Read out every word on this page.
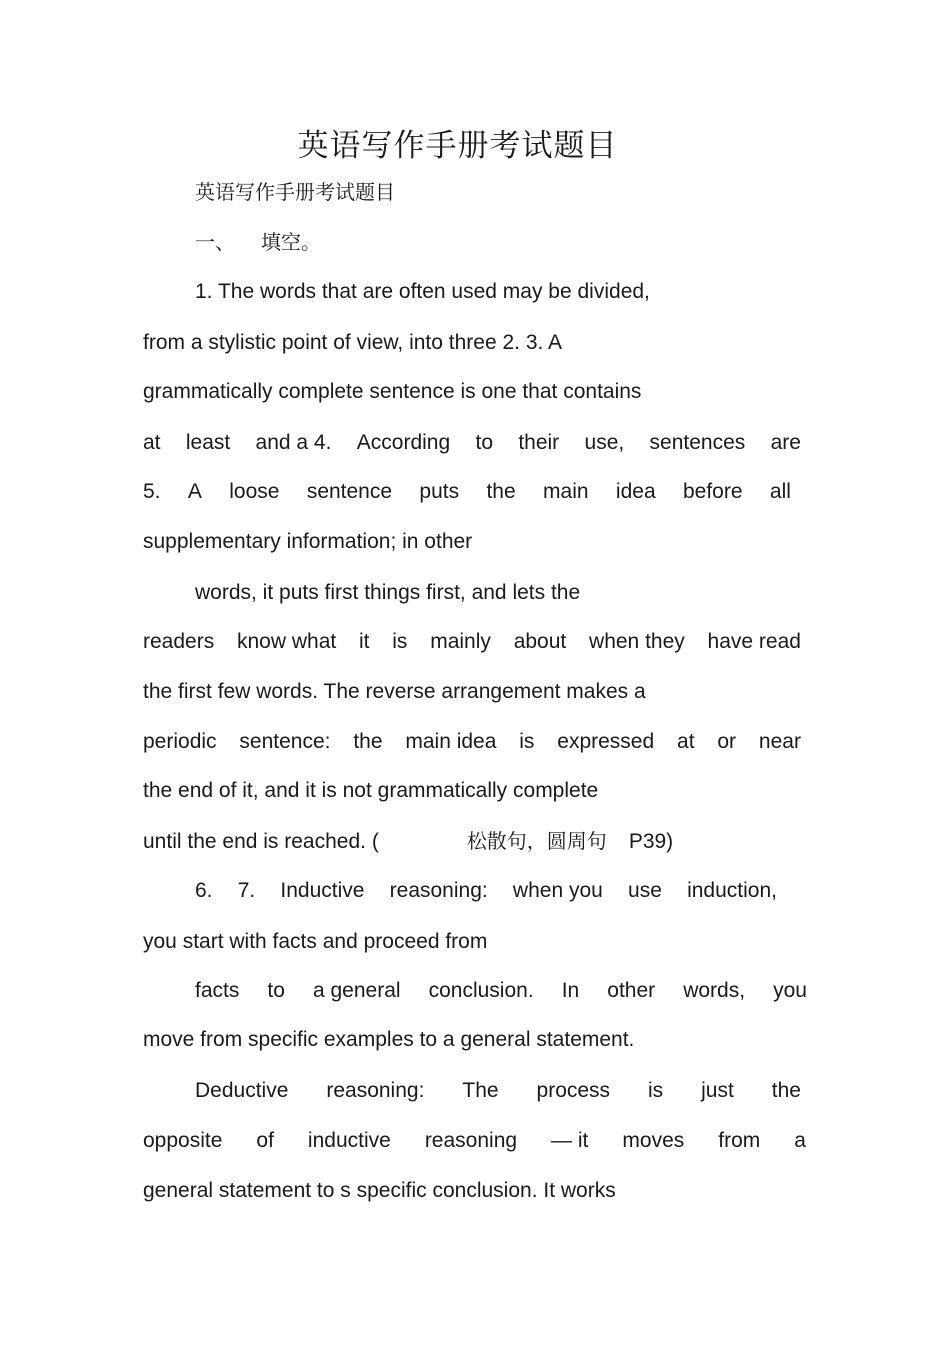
英语写作手册考试题目
英语写作手册考试题目
一、 填空。
1. The words that are often used may be divided,
from a stylistic point of view, into three 2. 3. A
grammatically complete sentence is one that contains
at least and a 4. According to their use, sentences are
5. A loose sentence puts the main idea before all
supplementary information; in other
words, it puts first things first, and lets the
readers know what it is mainly about when they have read
the first few words. The reverse arrangement makes a
periodic sentence: the main idea is expressed at or near
the end of it, and it is not grammatically complete
until the end is reached. (	松散句，圆周句 P39)
6. 7. Inductive reasoning: when you use induction,
you start with facts and proceed from
facts to a general conclusion. In other words, you
move from specific examples to a general statement.
Deductive reasoning: The process is just the
opposite of inductive reasoning — it moves from a
general statement to s specific conclusion. It works
